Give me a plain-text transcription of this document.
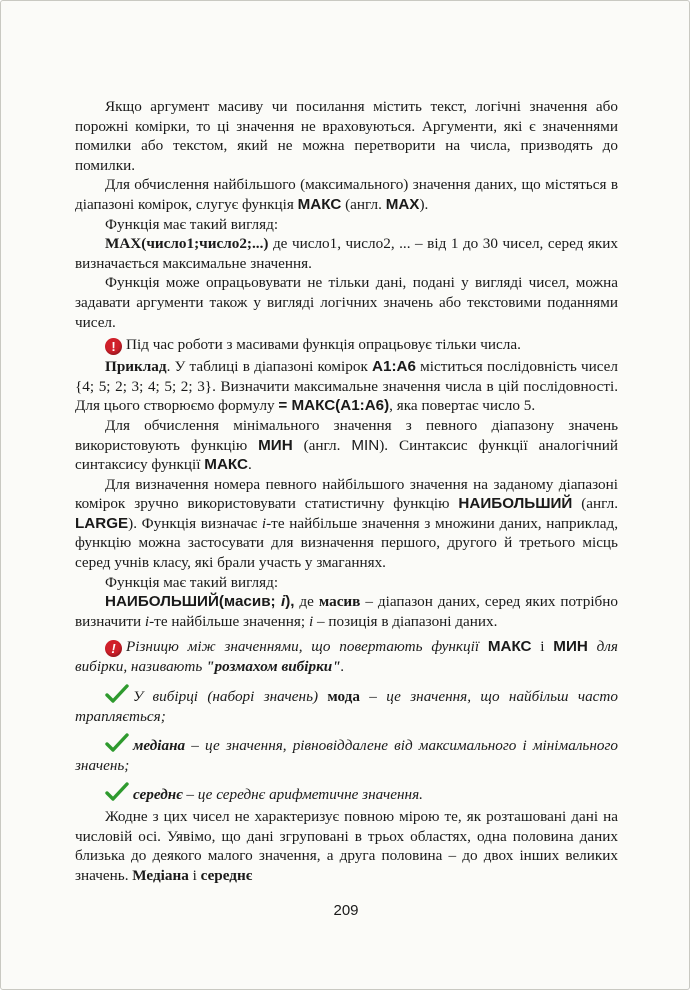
Якщо аргумент масиву чи посилання містить текст, логічні значення або порожні комірки, то ці значення не враховуються. Аргументи, які є значеннями помилки або текстом, який не можна перетворити на числа, призводять до помилки.

Для обчислення найбільшого (максимального) значення даних, що містяться в діапазоні комірок, слугує функція МАКС (англ. MAX).

Функція має такий вигляд:

MAX(число1;число2;...) де число1, число2, ... – від 1 до 30 чисел, серед яких визначається максимальне значення.

Функція може опрацьовувати не тільки дані, подані у вигляді чисел, можна задавати аргументи також у вигляді логічних значень або текстовими поданнями чисел.

! Під час роботи з масивами функція опрацьовує тільки числа.

Приклад. У таблиці в діапазоні комірок A1:A6 міститься послідовність чисел {4; 5; 2; 3; 4; 5; 2; 3}. Визначити максимальне значення числа в цій послідовності. Для цього створюємо формулу = МАКС(A1:A6), яка повертає число 5.

Для обчислення мінімального значення з певного діапазону значень використовують функцію МИН (англ. MIN). Синтаксис функції аналогічний синтаксису функції МАКС.

Для визначення номера певного найбільшого значення на заданому діапазоні комірок зручно використовувати статистичну функцію НАИБОЛЬШИЙ (англ. LARGE). Функція визначає і-те найбільше значення з множини даних, наприклад, функцію можна застосувати для визначення першого, другого й третього місць серед учнів класу, які брали участь у змаганнях.

Функція має такий вигляд:

НАИБОЛЬШИЙ(масив; і), де масив – діапазон даних, серед яких потрібно визначити і-те найбільше значення; і – позиція в діапазоні даних.

! Різницю між значеннями, що повертають функції МАКС і МИН для вибірки, називають "розмахом вибірки".

У вибірці (наборі значень) мода – це значення, що найбільш часто трапляється;

медіана – це значення, рівновіддалене від максимального і мінімального значень;

середнє – це середнє арифметичне значення.

Жодне з цих чисел не характеризує повною мірою те, як розташовані дані на числовій осі. Уявімо, що дані згруповані в трьох областях, одна половина даних близька до деякого малого значення, а друга половина – до двох інших великих значень. Медіана і середнє

209
